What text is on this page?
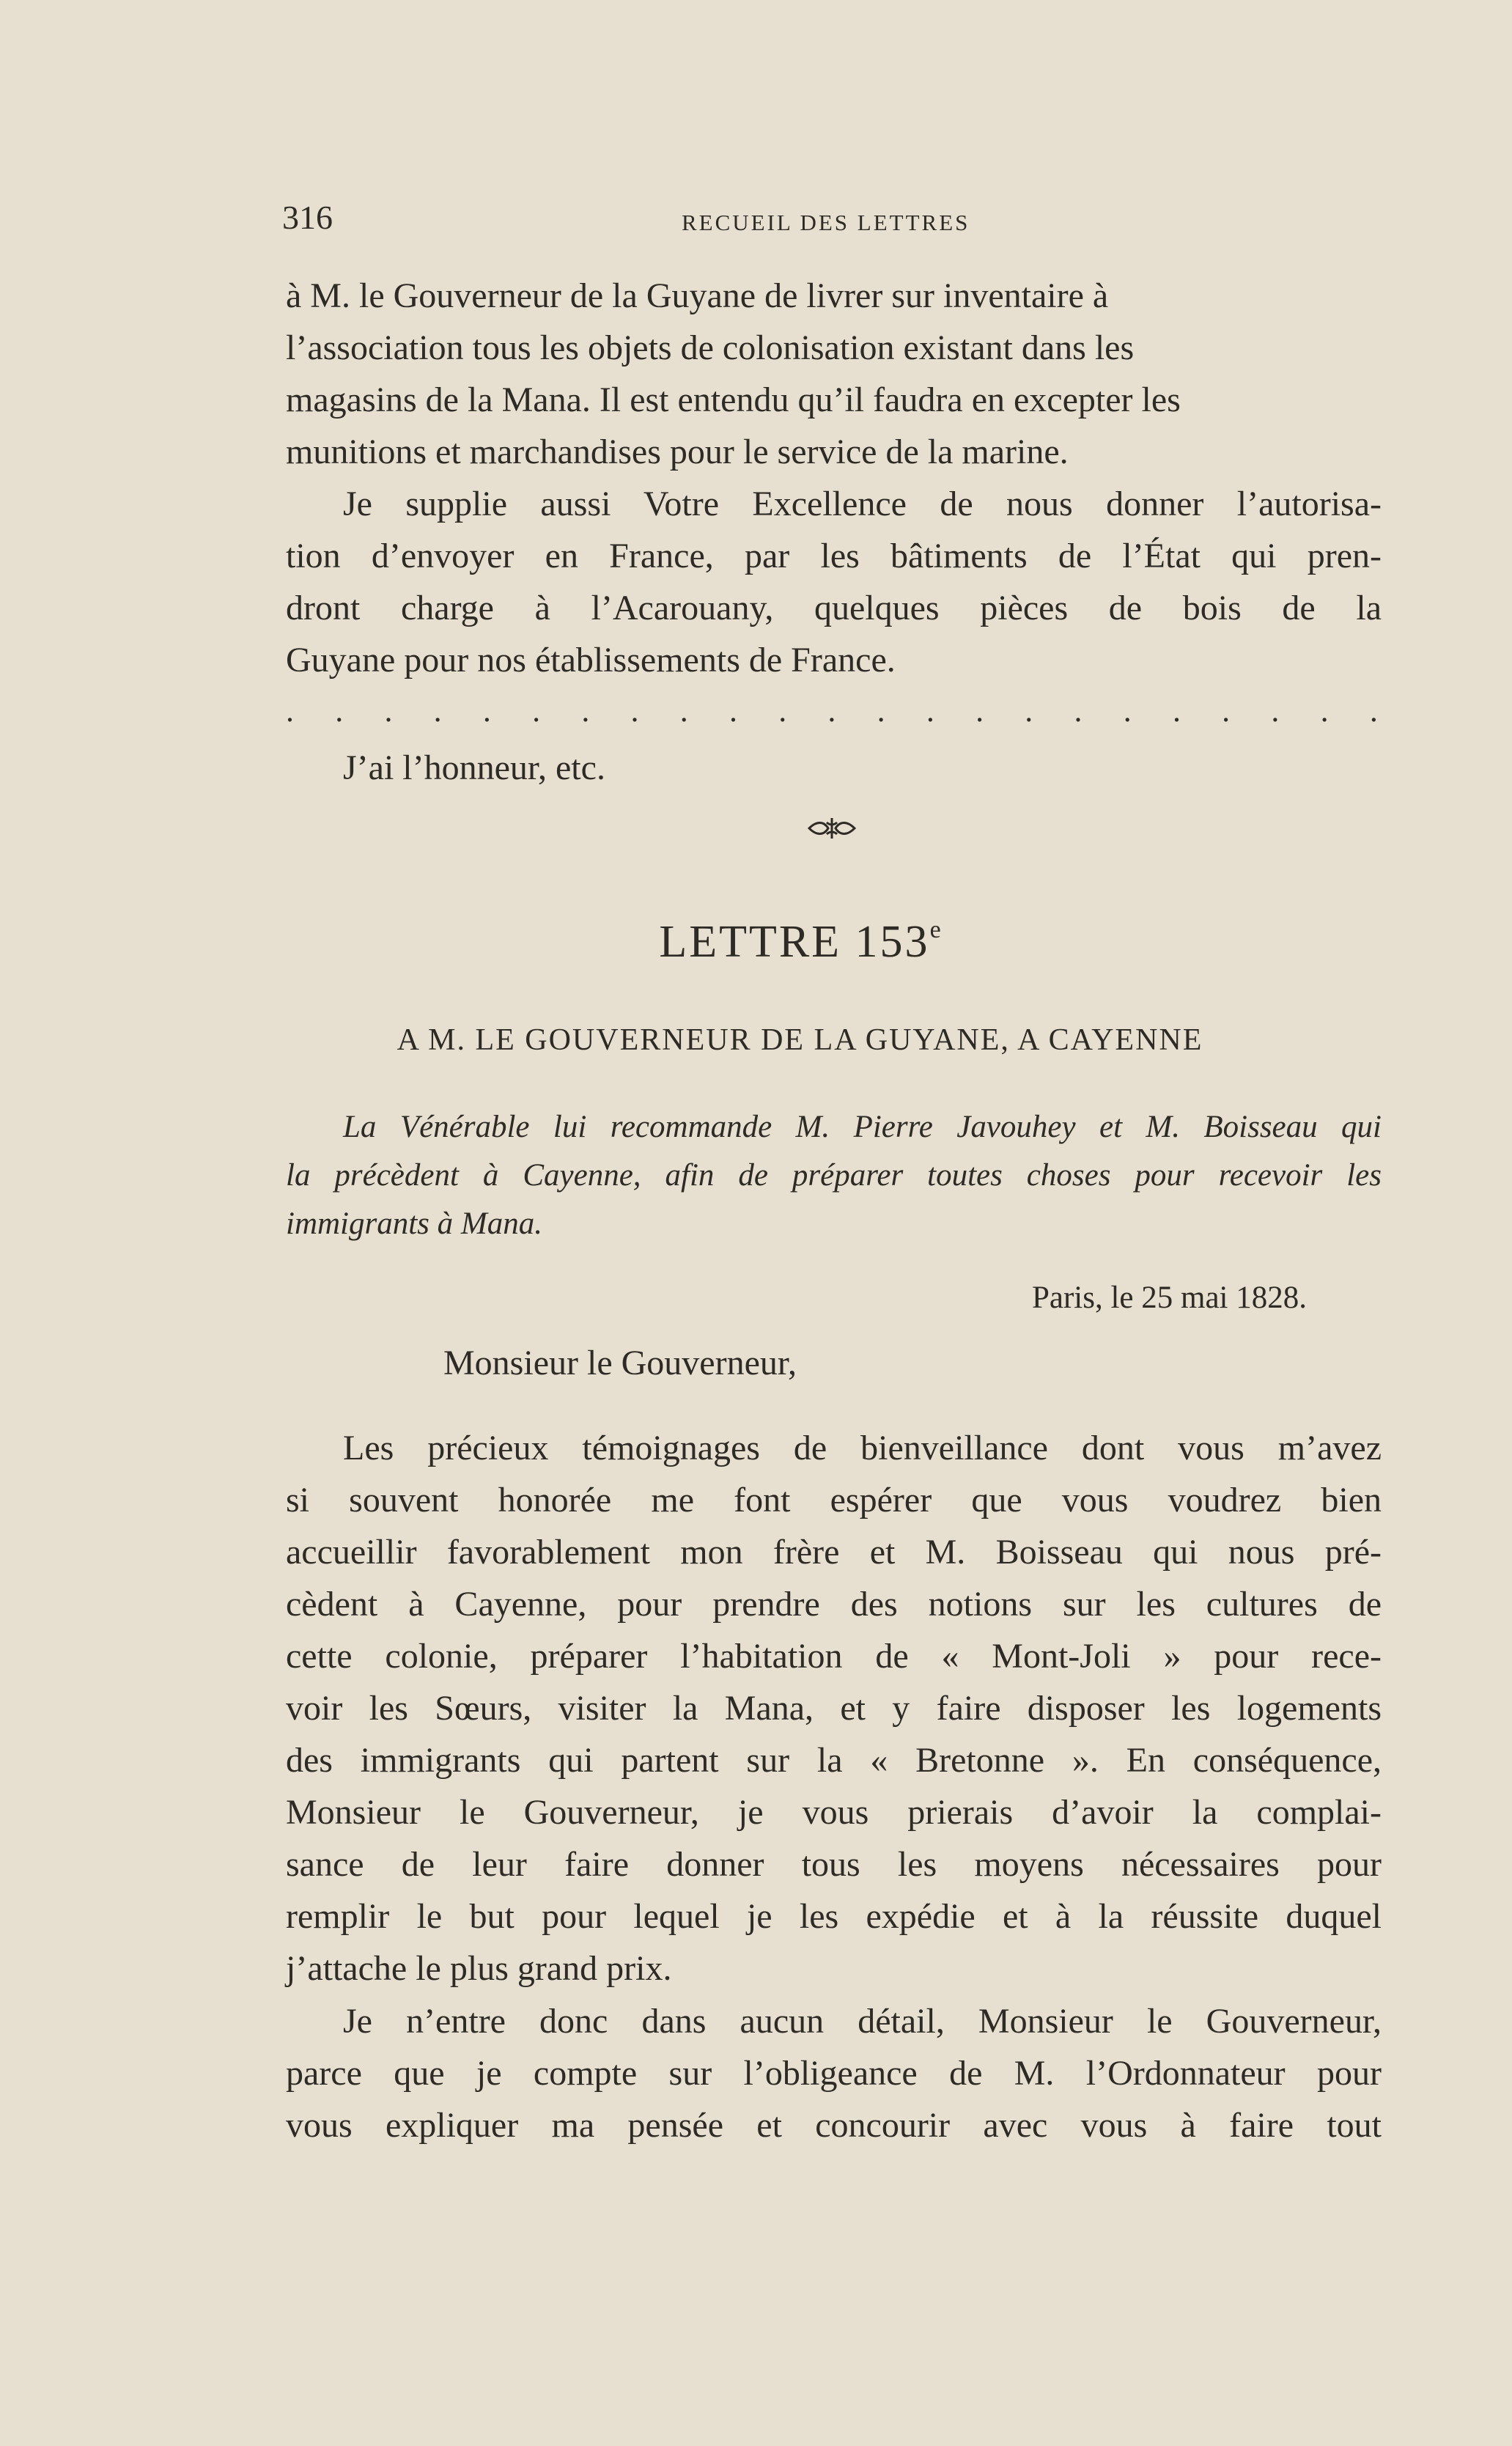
316	RECUEIL DES LETTRES
à M. le Gouverneur de la Guyane de livrer sur inventaire à
l’association tous les objets de colonisation existant dans les
magasins de la Mana. Il est entendu qu’il faudra en excepter les
munitions et marchandises pour le service de la marine.
Je supplie aussi Votre Excellence de nous donner l’autorisa-
tion d’envoyer en France, par les bâtiments de l’État qui pren-
dront charge à l’Acarouany, quelques pièces de bois de la
Guyane pour nos établissements de France.
. . . . . . . . . . . . . . . . . . . . . . .
J’ai l’honneur, etc.
LETTRE 153e
A M. LE GOUVERNEUR DE LA GUYANE, A CAYENNE
La Vénérable lui recommande M. Pierre Javouhey et M. Boisseau qui
la précèdent à Cayenne, afin de préparer toutes choses pour recevoir les
immigrants à Mana.
Paris, le 25 mai 1828.
Monsieur le Gouverneur,
Les précieux témoignages de bienveillance dont vous m’avez
si souvent honorée me font espérer que vous voudrez bien
accueillir favorablement mon frère et M. Boisseau qui nous pré-
cèdent à Cayenne, pour prendre des notions sur les cultures de
cette colonie, préparer l’habitation de « Mont-Joli » pour rece-
voir les Sœurs, visiter la Mana, et y faire disposer les logements
des immigrants qui partent sur la « Bretonne ». En conséquence,
Monsieur le Gouverneur, je vous prierais d’avoir la complai-
sance de leur faire donner tous les moyens nécessaires pour
remplir le but pour lequel je les expédie et à la réussite duquel
j’attache le plus grand prix.
Je n’entre donc dans aucun détail, Monsieur le Gouverneur,
parce que je compte sur l’obligeance de M. l’Ordonnateur pour
vous expliquer ma pensée et concourir avec vous à faire tout
